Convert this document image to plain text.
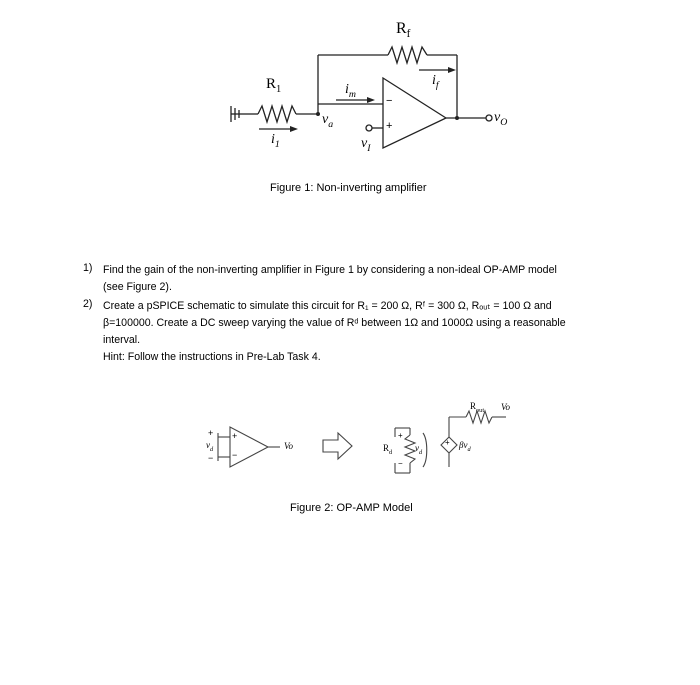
$R_f$
$R_1$	$i_m$
$i_f$
$v_a$
$i_1$	$v_I$
$v_O$
−
+
Figure 1: Non-inverting amplifier
1) Find the gain of the non-inverting amplifier in Figure 1 by considering a non-ideal OP-AMP model
(see Figure 2).
2) Create a pSPICE schematic to simulate this circuit for R₁ = 200 Ω, Rᶠ = 300 Ω, Rₒᵤₜ = 100 Ω and
β=100000. Create a DC sweep varying the value of Rᵈ between 1Ω and 1000Ω using a reasonable
interval.
Hint: Follow the instructions in Pre-Lab Task 4.
+
$v_d$
−
+
−
Vo
+
−
$R_d$	$v_d$
+ $\beta v_d$
$R_{out}$ Vo
Figure 2: OP-AMP Model
